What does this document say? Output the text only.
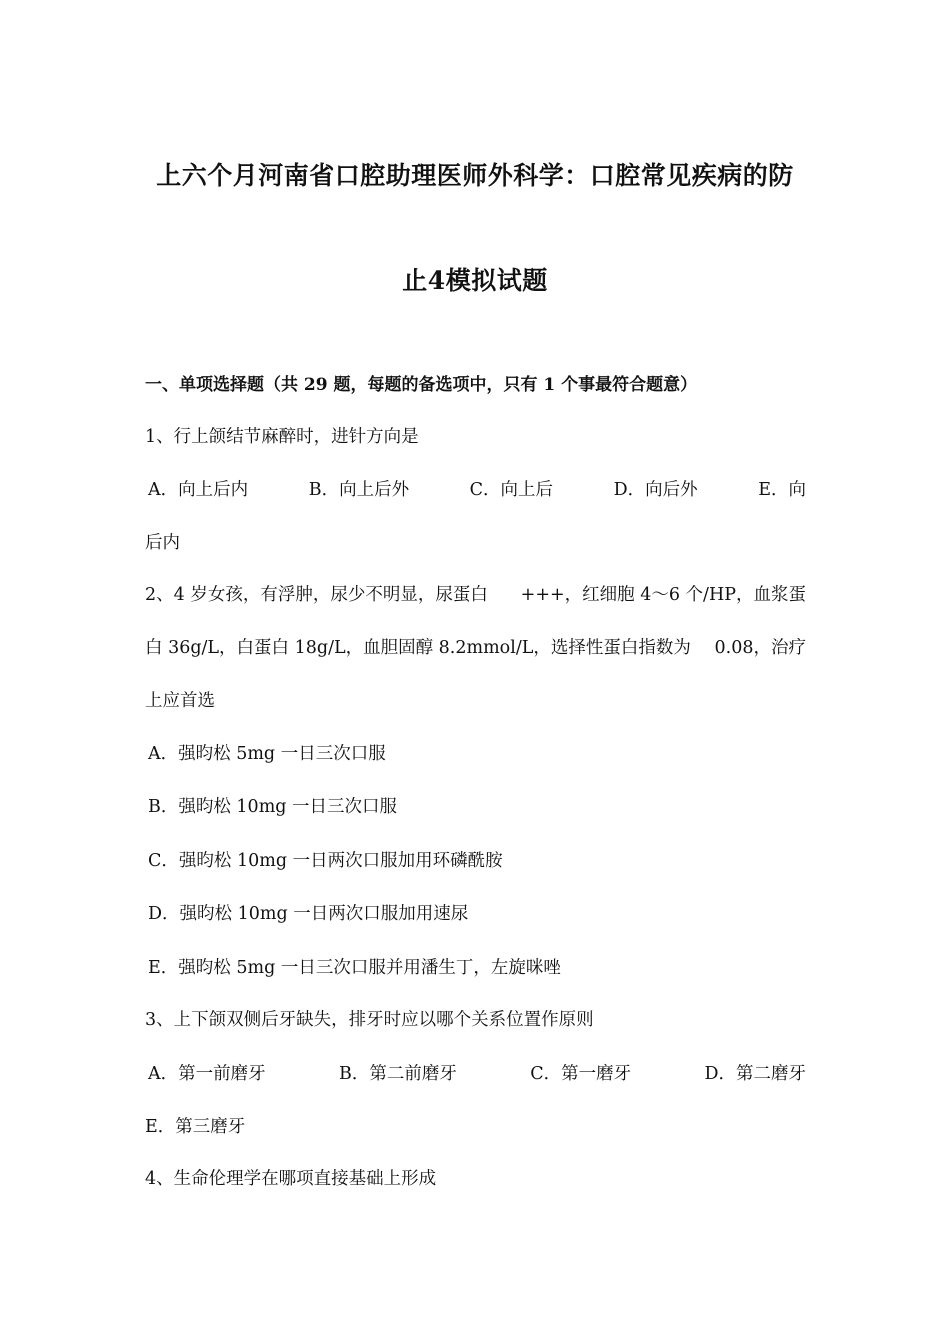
上六个月河南省口腔助理医师外科学：口腔常见疾病的防
止4模拟试题
一、单项选择题（共 29 题，每题的备选项中，只有 1 个事最符合题意）
1、行上颌结节麻醉时，进针方向是
A．向上后内	B．向上后外	C．向上后	D．向后外	E．向
后内
2、4 岁女孩，有浮肿，尿少不明显，尿蛋白 +++，红细胞 4～6 个/HP，血浆蛋
白 36g/L，白蛋白 18g/L，血胆固醇 8.2mmol/L，选择性蛋白指数为 0.08，治疗
上应首选
A．强昀松 5mg 一日三次口服
B．强昀松 10mg 一日三次口服
C．强昀松 10mg 一日两次口服加用环磷酰胺
D．强昀松 10mg 一日两次口服加用速尿
E．强昀松 5mg 一日三次口服并用潘生丁，左旋咪唑
3、上下颌双侧后牙缺失，排牙时应以哪个关系位置作原则
A．第一前磨牙	B．第二前磨牙	C．第一磨牙	D．第二磨牙
E．第三磨牙
4、生命伦理学在哪项直接基础上形成
